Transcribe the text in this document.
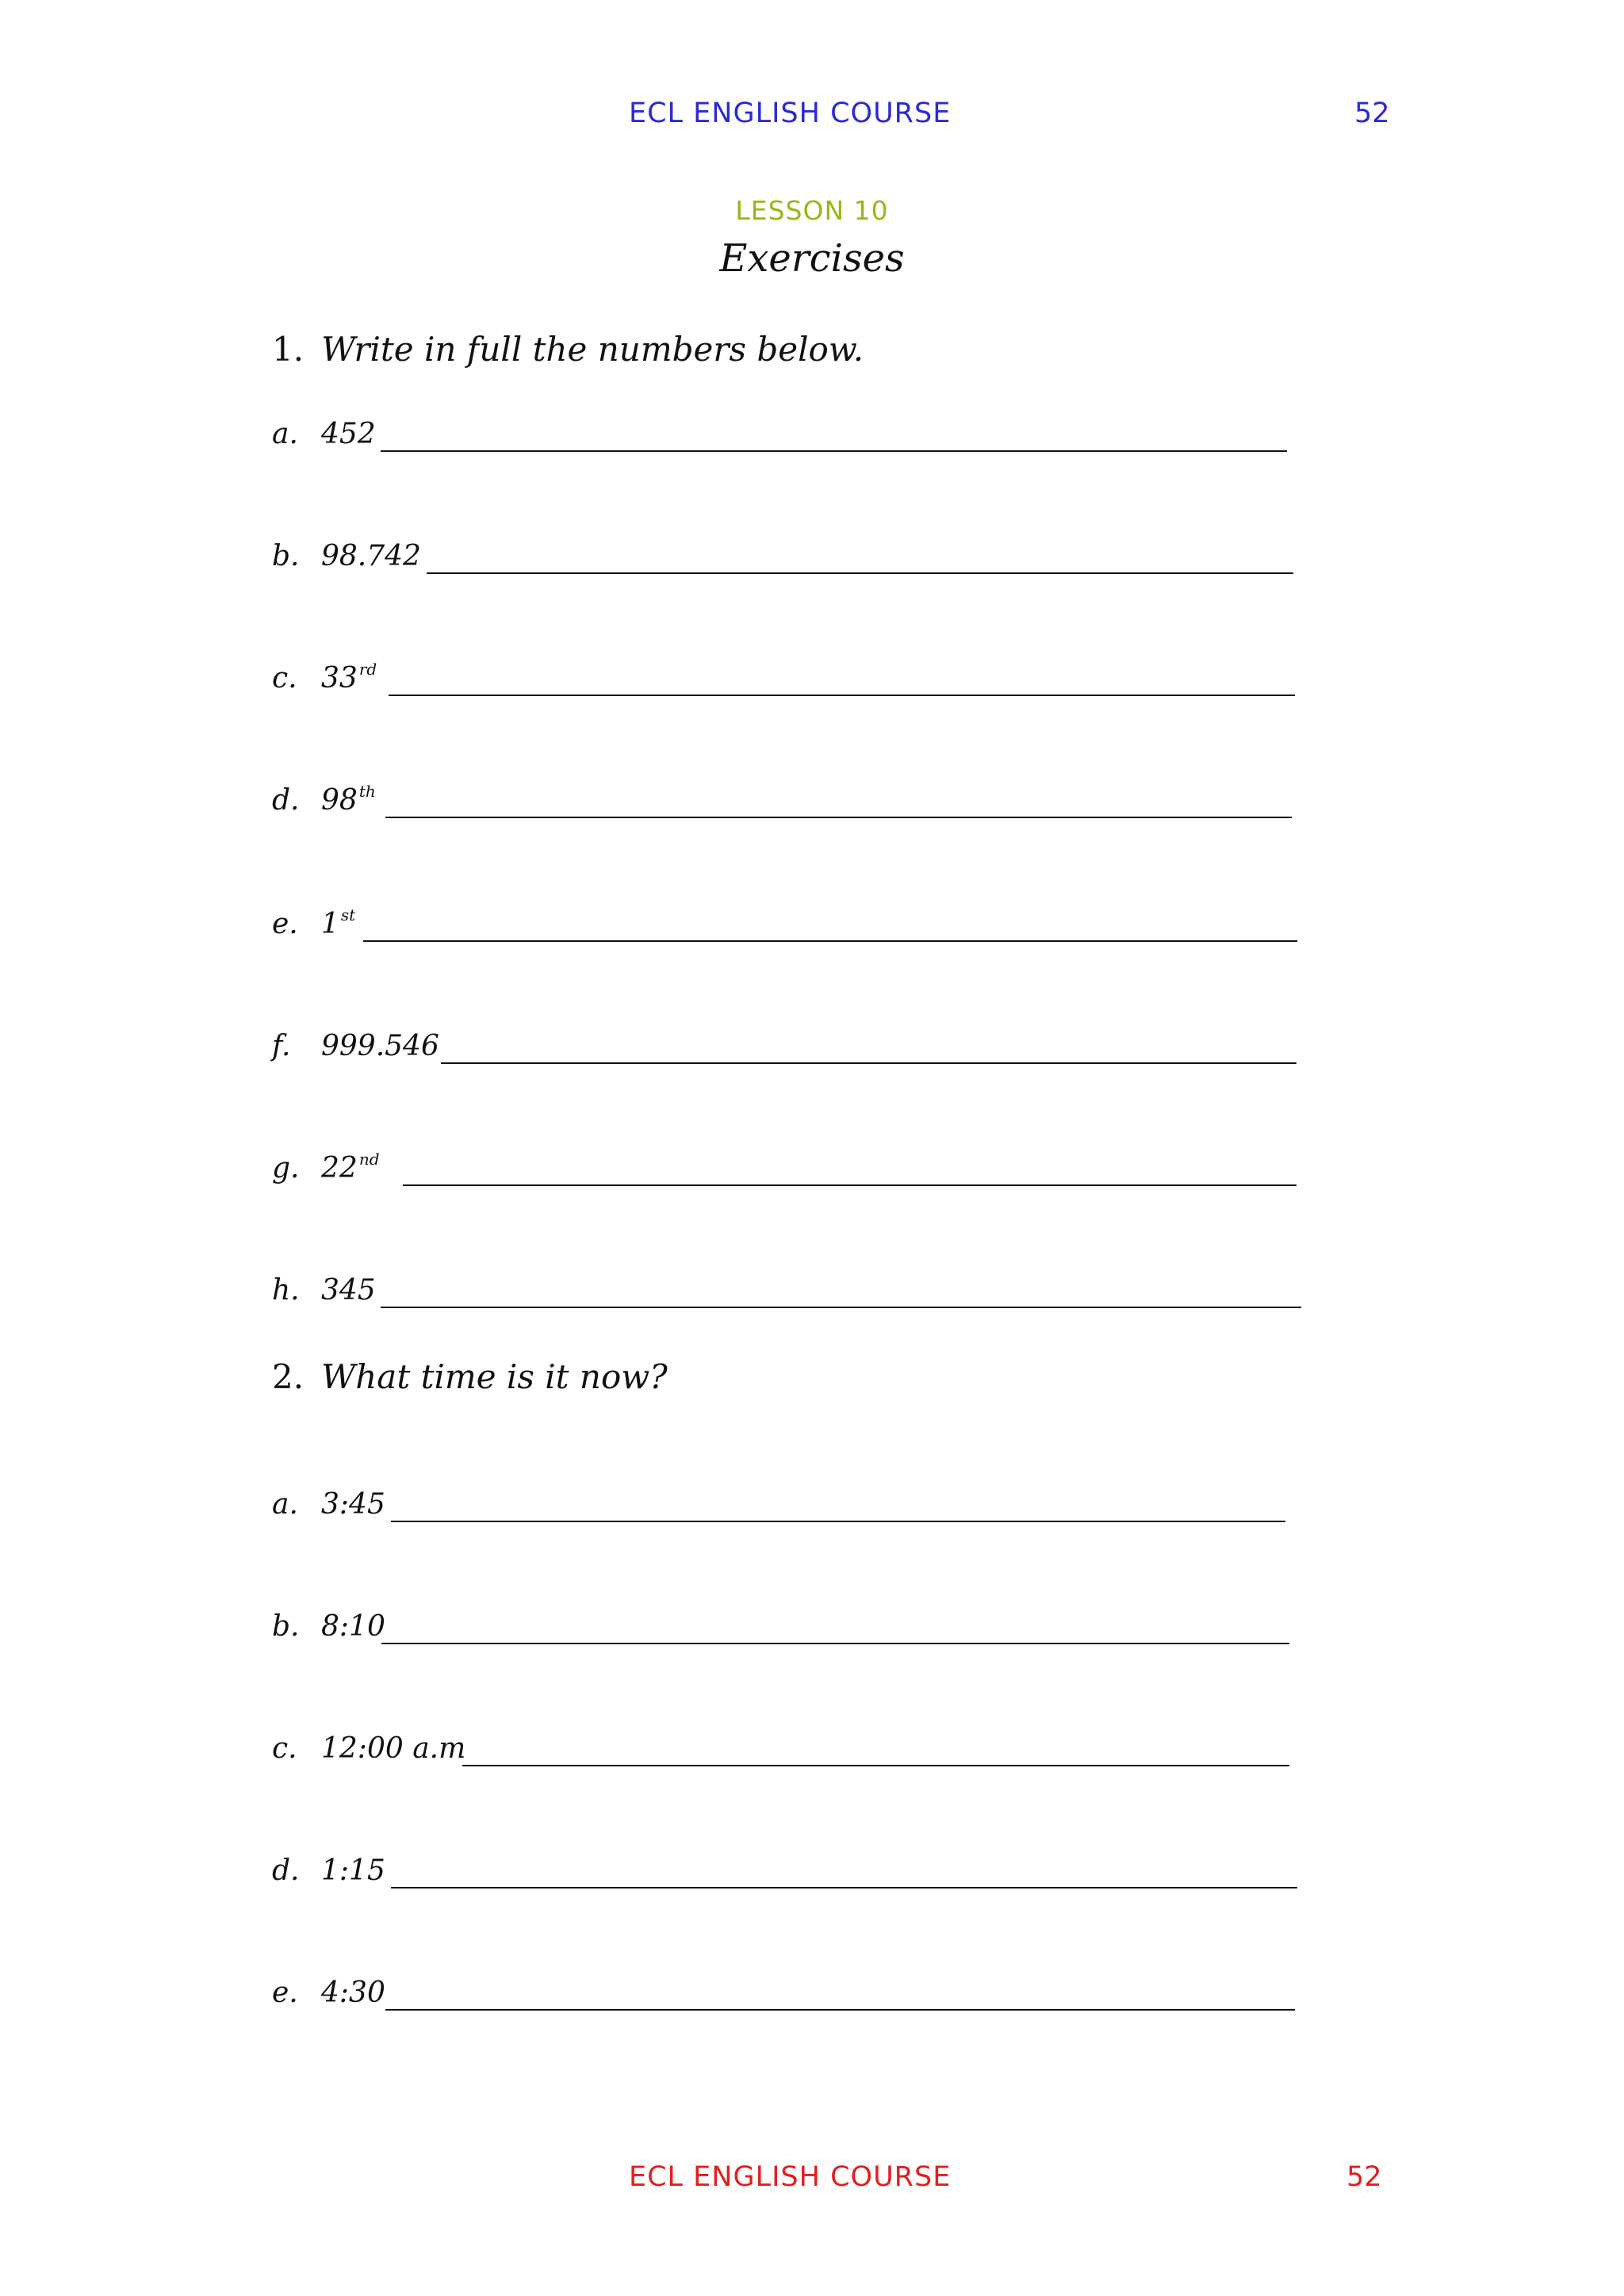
ECL ENGLISH COURSE	52
LESSON 10
Exercises
1. Write in full the numbers below.
a. 452
b. 98.742
c. 33 $^{rd}$
d. 98 $^{th}$
e. 1 $^{st}$
f. 999.546
g. 22 $^{nd}$
h. 345
2. What time is it now?
a. 3:45
b. 8:10
c. 12:00 a.m
d. 1:15
e. 4:30
ECL ENGLISH COURSE	52
